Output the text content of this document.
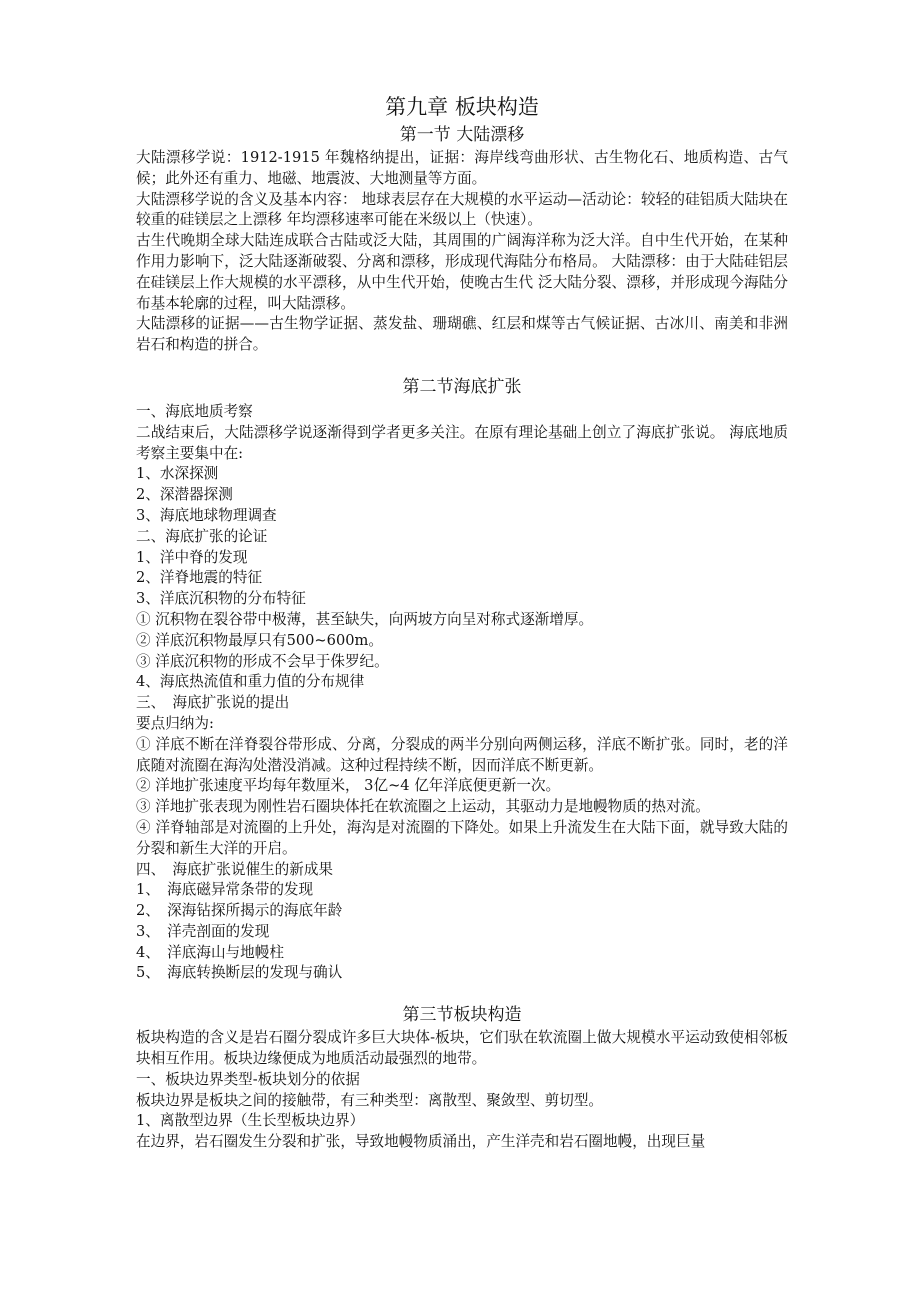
第九章 板块构造
第一节 大陆漂移

大陆漂移学说：1912-1915 年魏格纳提出，证据：海岸线弯曲形状、古生物化石、地质构造、古气候；此外还有重力、地磁、地震波、大地测量等方面。

大陆漂移学说的含义及基本内容： 地球表层存在大规模的水平运动—活动论：较轻的硅铝质大陆块在较重的硅镁层之上漂移 年均漂移速率可能在米级以上（快速）。

古生代晚期全球大陆连成联合古陆或泛大陆，其周围的广阔海洋称为泛大洋。自中生代开始，在某种作用力影响下，泛大陆逐渐破裂、分离和漂移，形成现代海陆分布格局。 大陆漂移：由于大陆硅铝层在硅镁层上作大规模的水平漂移，从中生代开始，使晚古生代 泛大陆分裂、漂移，并形成现今海陆分布基本轮廓的过程，叫大陆漂移。

大陆漂移的证据——古生物学证据、蒸发盐、珊瑚礁、红层和煤等古气候证据、古冰川、南美和非洲岩石和构造的拼合。

第二节海底扩张

一、海底地质考察

二战结束后，大陆漂移学说逐渐得到学者更多关注。在原有理论基础上创立了海底扩张说。 海底地质考察主要集中在:

1、水深探测

2、深潜器探测

3、海底地球物理调查

二、海底扩张的论证

1、洋中脊的发现

2、洋脊地震的特征

3、洋底沉积物的分布特征

① 沉积物在裂谷带中极薄，甚至缺失，向两坡方向呈对称式逐渐增厚。

② 洋底沉积物最厚只有500~600m。

③ 洋底沉积物的形成不会早于侏罗纪。

4、海底热流值和重力值的分布规律

三、　海底扩张说的提出

要点归纳为:

① 洋底不断在洋脊裂谷带形成、分离，分裂成的两半分别向两侧运移，洋底不断扩张。同时，老的洋底随对流圈在海沟处潜没消减。这种过程持续不断，因而洋底不断更新。

② 洋地扩张速度平均每年数厘米， 3亿~4 亿年洋底便更新一次。

③ 洋地扩张表现为刚性岩石圈块体托在软流圈之上运动，其驱动力是地幔物质的热对流。

④ 洋脊轴部是对流圈的上升处，海沟是对流圈的下降处。如果上升流发生在大陆下面，就导致大陆的分裂和新生大洋的开启。

四、　海底扩张说催生的新成果

1、　海底磁异常条带的发现

2、　深海钻探所揭示的海底年龄

3、　洋壳剖面的发现

4、　洋底海山与地幔柱

5、　海底转换断层的发现与确认

第三节板块构造

板块构造的含义是岩石圈分裂成许多巨大块体-板块，它们驮在软流圈上做大规模水平运动致使相邻板块相互作用。板块边缘便成为地质活动最强烈的地带。

一、板块边界类型-板块划分的依据

板块边界是板块之间的接触带，有三种类型：离散型、聚敛型、剪切型。

1、离散型边界（生长型板块边界）

在边界，岩石圈发生分裂和扩张，导致地幔物质涌出，产生洋壳和岩石圈地幔，出现巨量
